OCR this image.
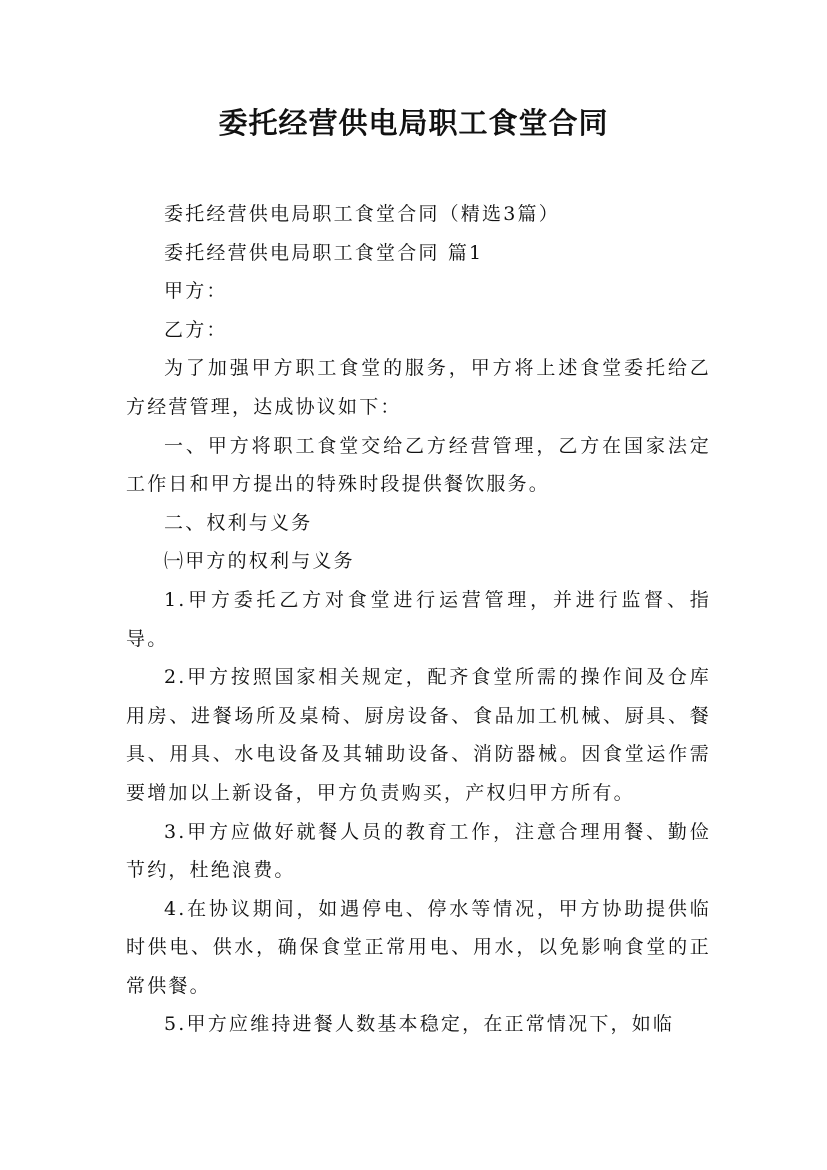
委托经营供电局职工食堂合同

委托经营供电局职工食堂合同（精选3篇）

委托经营供电局职工食堂合同 篇1

甲方：

乙方：

为了加强甲方职工食堂的服务，甲方将上述食堂委托给乙方经营管理，达成协议如下：

一、甲方将职工食堂交给乙方经营管理，乙方在国家法定工作日和甲方提出的特殊时段提供餐饮服务。

二、权利与义务

㈠甲方的权利与义务

1.甲方委托乙方对食堂进行运营管理，并进行监督、指导。

2.甲方按照国家相关规定，配齐食堂所需的操作间及仓库用房、进餐场所及桌椅、厨房设备、食品加工机械、厨具、餐具、用具、水电设备及其辅助设备、消防器械。因食堂运作需要增加以上新设备，甲方负责购买，产权归甲方所有。

3.甲方应做好就餐人员的教育工作，注意合理用餐、勤俭节约，杜绝浪费。

4.在协议期间，如遇停电、停水等情况，甲方协助提供临时供电、供水，确保食堂正常用电、用水，以免影响食堂的正常供餐。

5.甲方应维持进餐人数基本稳定，在正常情况下，如临
